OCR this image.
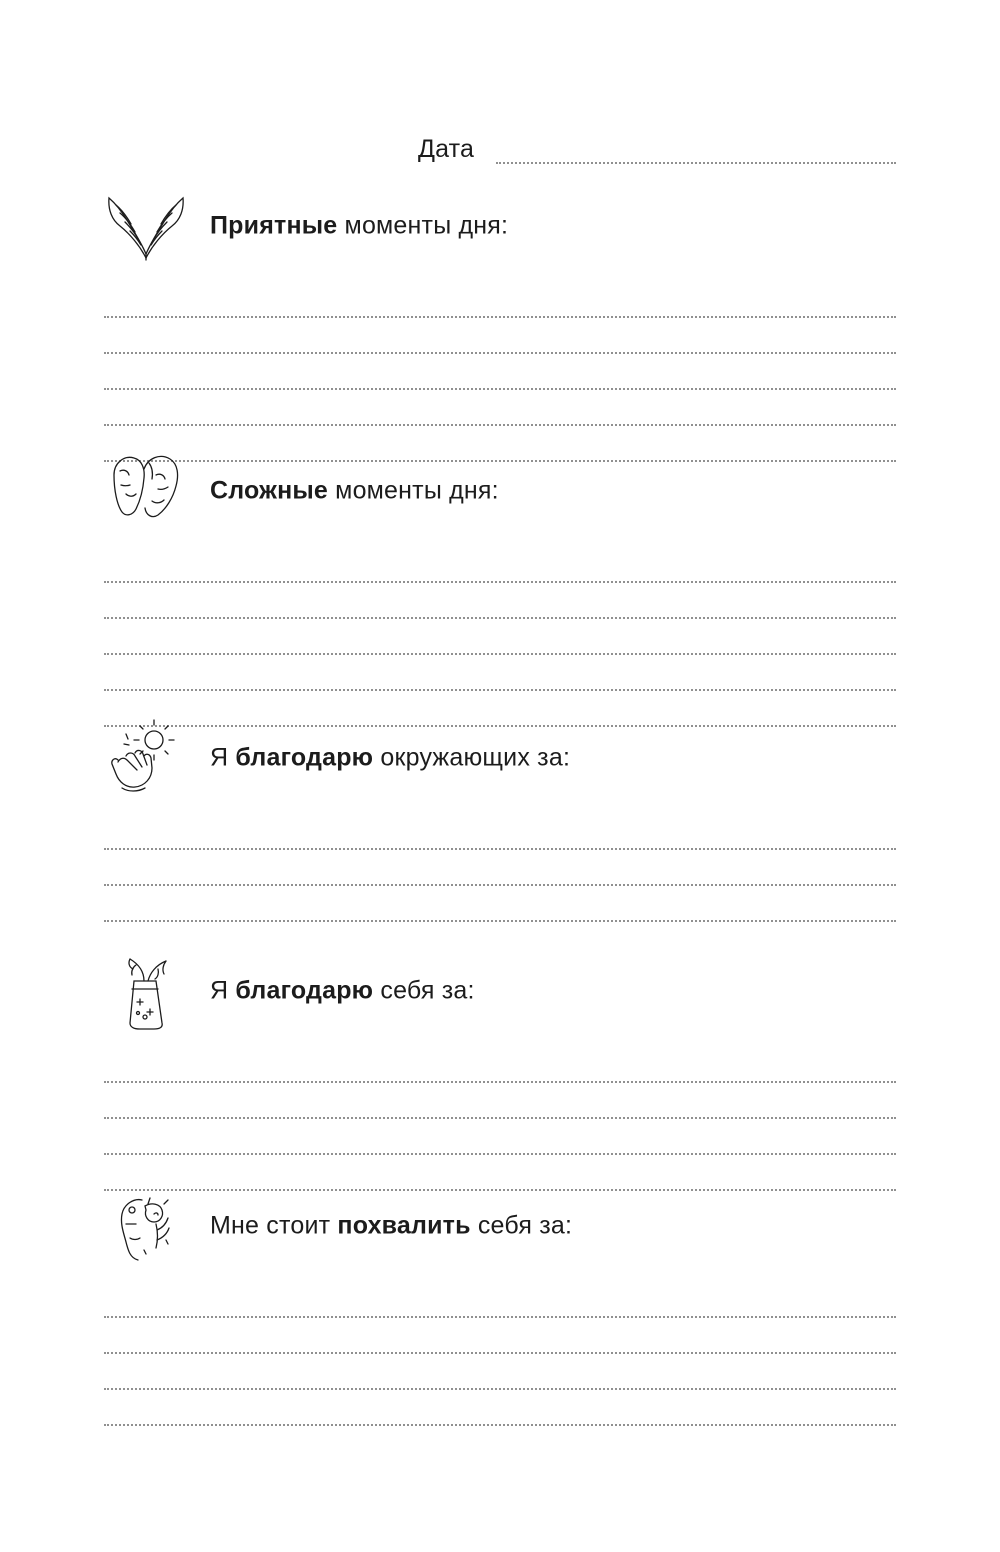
Дата
Приятные моменты дня:
Сложные моменты дня:
Я благодарю окружающих за:
Я благодарю себя за:
Мне стоит похвалить себя за:
